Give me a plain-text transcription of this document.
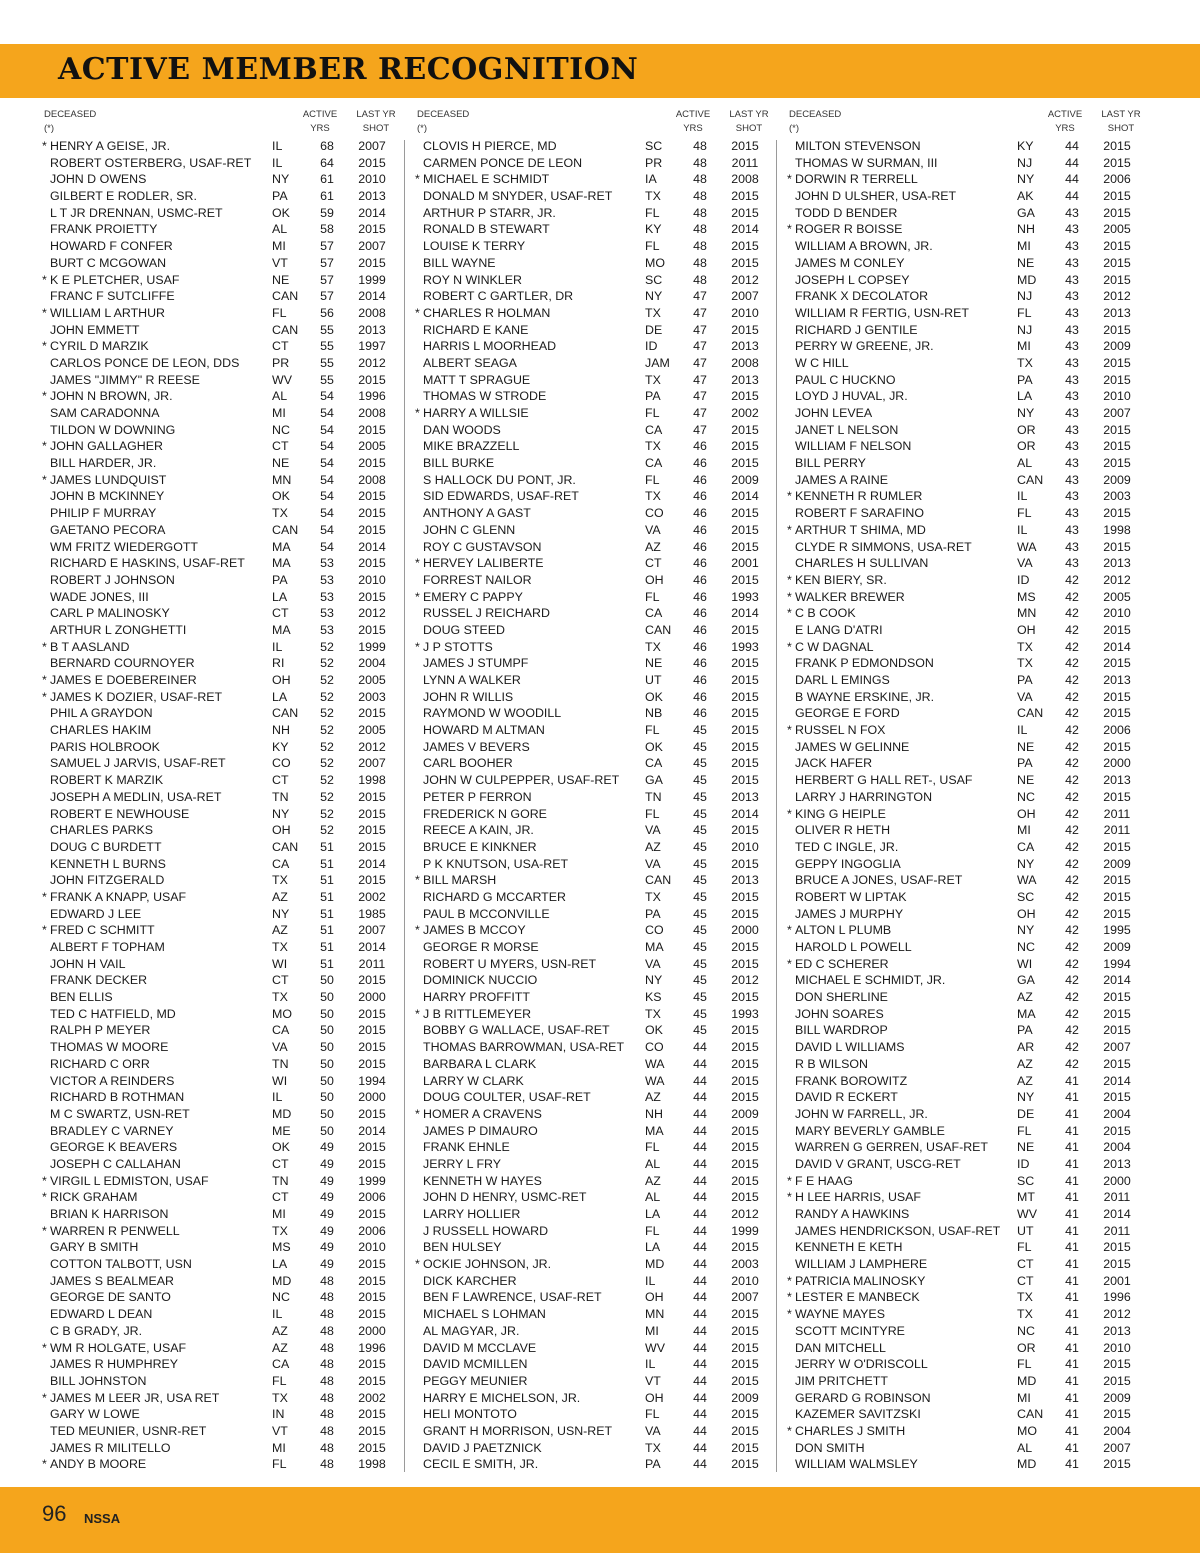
ACTIVE MEMBER RECOGNITION
DECEASED
(*)
ACTIVE
YRS
LAST YR
SHOT
* HENRY A GEISE, JR.	IL	68	2007
ROBERT OSTERBERG, USAF-RET IL	64	2015
JOHN D OWENS	NY	61	2010
GILBERT E RODLER, SR.	PA	61	2013
L T JR DRENNAN, USMC-RET	OK	59	2014
FRANK PROIETTY	AL	58	2015
HOWARD F CONFER	MI	57	2007
BURT C MCGOWAN	VT	57	2015
* K E PLETCHER, USAF	NE	57	1999
FRANC F SUTCLIFFE	CAN	57	2014
* WILLIAM L ARTHUR	FL	56	2008
JOHN EMMETT	CAN	55	2013
* CYRIL D MARZIK	CT	55	1997
CARLOS PONCE DE LEON, DDS	PR	55	2012
JAMES "JIMMY" R REESE	WV	55	2015
* JOHN N BROWN, JR.	AL	54	1996
SAM CARADONNA	MI	54	2008
TILDON W DOWNING	NC	54	2015
* JOHN GALLAGHER	CT	54	2005
BILL HARDER, JR.	NE	54	2015
* JAMES LUNDQUIST	MN	54	2008
JOHN B MCKINNEY	OK	54	2015
PHILIP F MURRAY	TX	54	2015
GAETANO PECORA	CAN	54	2015
WM FRITZ WIEDERGOTT	MA	54	2014
RICHARD E HASKINS, USAF-RET MA	53	2015
ROBERT J JOHNSON	PA	53	2010
WADE JONES, III	LA	53	2015
CARL P MALINOSKY	CT	53	2012
ARTHUR L ZONGHETTI	MA	53	2015
* B T AASLAND	IL	52	1999
BERNARD COURNOYER	RI	52	2004
* JAMES E DOEBEREINER	OH	52	2005
* JAMES K DOZIER, USAF-RET	LA	52	2003
PHIL A GRAYDON	CAN	52	2015
CHARLES HAKIM	NH	52	2005
PARIS HOLBROOK	KY	52	2012
SAMUEL J JARVIS, USAF-RET	CO	52	2007
ROBERT K MARZIK	CT	52	1998
JOSEPH A MEDLIN, USA-RET	TN	52	2015
ROBERT E NEWHOUSE	NY	52	2015
CHARLES PARKS	OH	52	2015
DOUG C BURDETT	CAN	51	2015
KENNETH L BURNS	CA	51	2014
JOHN FITZGERALD	TX	51	2015
* FRANK A KNAPP, USAF	AZ	51	2002
EDWARD J LEE	NY	51	1985
* FRED C SCHMITT	AZ	51	2007
ALBERT F TOPHAM	TX	51	2014
JOHN H VAIL	WI	51	2011
FRANK DECKER	CT	50	2015
BEN ELLIS	TX	50	2000
TED C HATFIELD, MD	MO	50	2015
RALPH P MEYER	CA	50	2015
THOMAS W MOORE	VA	50	2015
RICHARD C ORR	TN	50	2015
VICTOR A REINDERS	WI	50	1994
RICHARD B ROTHMAN	IL	50	2000
M C SWARTZ, USN-RET	MD	50	2015
BRADLEY C VARNEY	ME	50	2014
GEORGE K BEAVERS	OK	49	2015
JOSEPH C CALLAHAN	CT	49	2015
* VIRGIL L EDMISTON, USAF	TN	49	1999
* RICK GRAHAM	CT	49	2006
BRIAN K HARRISON	MI	49	2015
* WARREN R PENWELL	TX	49	2006
GARY B SMITH	MS	49	2010
COTTON TALBOTT, USN	LA	49	2015
JAMES S BEALMEAR	MD	48	2015
GEORGE DE SANTO	NC	48	2015
EDWARD L DEAN	IL	48	2015
C B GRADY, JR.	AZ	48	2000
* WM R HOLGATE, USAF	AZ	48	1996
JAMES R HUMPHREY	CA	48	2015
BILL JOHNSTON	FL	48	2015
* JAMES M LEER JR, USA RET	TX	48	2002
GARY W LOWE	IN	48	2015
TED MEUNIER, USNR-RET	VT	48	2015
JAMES R MILITELLO	MI	48	2015
* ANDY B MOORE	FL	48	1998
DECEASED
(*)
ACTIVE
YRS
LAST YR
SHOT
CLOVIS H PIERCE, MD	SC	48	2015
CARMEN PONCE DE LEON	PR	48	2011
* MICHAEL E SCHMIDT	IA	48	2008
DONALD M SNYDER, USAF-RET	TX	48	2015
ARTHUR P STARR, JR.	FL	48	2015
RONALD B STEWART	KY	48	2014
LOUISE K TERRY	FL	48	2015
BILL WAYNE	MO	48	2015
ROY N WINKLER	SC	48	2012
ROBERT C GARTLER, DR	NY	47	2007
* CHARLES R HOLMAN	TX	47	2010
RICHARD E KANE	DE	47	2015
HARRIS L MOORHEAD	ID	47	2013
ALBERT SEAGA	JAM	47	2008
MATT T SPRAGUE	TX	47	2013
THOMAS W STRODE	PA	47	2015
* HARRY A WILLSIE	FL	47	2002
DAN WOODS	CA	47	2015
MIKE BRAZZELL	TX	46	2015
BILL BURKE	CA	46	2015
S HALLOCK DU PONT, JR.	FL	46	2009
SID EDWARDS, USAF-RET	TX	46	2014
ANTHONY A GAST	CO	46	2015
JOHN C GLENN	VA	46	2015
ROY C GUSTAVSON	AZ	46	2015
* HERVEY LALIBERTE	CT	46	2001
FORREST NAILOR	OH	46	2015
* EMERY C PAPPY	FL	46	1993
RUSSEL J REICHARD	CA	46	2014
DOUG STEED	CAN	46	2015
* J P STOTTS	TX	46	1993
JAMES J STUMPF	NE	46	2015
LYNN A WALKER	UT	46	2015
JOHN R WILLIS	OK	46	2015
RAYMOND W WOODILL	NB	46	2015
HOWARD M ALTMAN	FL	45	2015
JAMES V BEVERS	OK	45	2015
CARL BOOHER	CA	45	2015
JOHN W CULPEPPER, USAF-RET GA	45	2015
PETER P FERRON	TN	45	2013
FREDERICK N GORE	FL	45	2014
REECE A KAIN, JR.	VA	45	2015
BRUCE E KINKNER	AZ	45	2010
P K KNUTSON, USA-RET	VA	45	2015
* BILL MARSH	CAN	45	2013
RICHARD G MCCARTER	TX	45	2015
PAUL B MCCONVILLE	PA	45	2015
* JAMES B MCCOY	CO	45	2000
GEORGE R MORSE	MA	45	2015
ROBERT U MYERS, USN-RET	VA	45	2015
DOMINICK NUCCIO	NY	45	2012
HARRY PROFFITT	KS	45	2015
* J B RITTLEMEYER	TX	45	1993
BOBBY G WALLACE, USAF-RET	OK	45	2015
THOMAS BARROWMAN, USA-RET CO	44	2015
BARBARA L CLARK	WA	44	2015
LARRY W CLARK	WA	44	2015
DOUG COULTER, USAF-RET	AZ	44	2015
* HOMER A CRAVENS	NH	44	2009
JAMES P DIMAURO	MA	44	2015
FRANK EHNLE	FL	44	2015
JERRY L FRY	AL	44	2015
KENNETH W HAYES	AZ	44	2015
JOHN D HENRY, USMC-RET	AL	44	2015
LARRY HOLLIER	LA	44	2012
J RUSSELL HOWARD	FL	44	1999
BEN HULSEY	LA	44	2015
* OCKIE JOHNSON, JR.	MD	44	2003
DICK KARCHER	IL	44	2010
BEN F LAWRENCE, USAF-RET	OH	44	2007
MICHAEL S LOHMAN	MN	44	2015
AL MAGYAR, JR.	MI	44	2015
DAVID M MCCLAVE	WV	44	2015
DAVID MCMILLEN	IL	44	2015
PEGGY MEUNIER	VT	44	2015
HARRY E MICHELSON, JR.	OH	44	2009
HELI MONTOTO	FL	44	2015
GRANT H MORRISON, USN-RET	VA	44	2015
DAVID J PAETZNICK	TX	44	2015
CECIL E SMITH, JR.	PA	44	2015
DECEASED
(*)
ACTIVE
YRS
LAST YR
SHOT
MILTON STEVENSON	KY	44	2015
THOMAS W SURMAN, III	NJ	44	2015
* DORWIN R TERRELL	NY	44	2006
JOHN D ULSHER, USA-RET	AK	44	2015
TODD D BENDER	GA	43	2015
* ROGER R BOISSE	NH	43	2005
WILLIAM A BROWN, JR.	MI	43	2015
JAMES M CONLEY	NE	43	2015
JOSEPH L COPSEY	MD	43	2015
FRANK X DECOLATOR	NJ	43	2012
WILLIAM R FERTIG, USN-RET	FL	43	2013
RICHARD J GENTILE	NJ	43	2015
PERRY W GREENE, JR.	MI	43	2009
W C HILL	TX	43	2015
PAUL C HUCKNO	PA	43	2015
LOYD J HUVAL, JR.	LA	43	2010
JOHN LEVEA	NY	43	2007
JANET L NELSON	OR	43	2015
WILLIAM F NELSON	OR	43	2015
BILL PERRY	AL	43	2015
JAMES A RAINE	CAN	43	2009
* KENNETH R RUMLER	IL	43	2003
ROBERT F SARAFINO	FL	43	2015
* ARTHUR T SHIMA, MD	IL	43	1998
CLYDE R SIMMONS, USA-RET	WA	43	2015
CHARLES H SULLIVAN	VA	43	2013
* KEN BIERY, SR.	ID	42	2012
* WALKER BREWER	MS	42	2005
* C B COOK	MN	42	2010
E LANG D'ATRI	OH	42	2015
* C W DAGNAL	TX	42	2014
FRANK P EDMONDSON	TX	42	2015
DARL L EMINGS	PA	42	2013
B WAYNE ERSKINE, JR.	VA	42	2015
GEORGE E FORD	CAN	42	2015
* RUSSEL N FOX	IL	42	2006
JAMES W GELINNE	NE	42	2015
JACK HAFER	PA	42	2000
HERBERT G HALL RET-, USAF	NE	42	2013
LARRY J HARRINGTON	NC	42	2015
* KING G HEIPLE	OH	42	2011
OLIVER R HETH	MI	42	2011
TED C INGLE, JR.	CA	42	2015
GEPPY INGOGLIA	NY	42	2009
BRUCE A JONES, USAF-RET	WA	42	2015
ROBERT W LIPTAK	SC	42	2015
JAMES J MURPHY	OH	42	2015
* ALTON L PLUMB	NY	42	1995
HAROLD L POWELL	NC	42	2009
* ED C SCHERER	WI	42	1994
MICHAEL E SCHMIDT, JR.	GA	42	2014
DON SHERLINE	AZ	42	2015
JOHN SOARES	MA	42	2015
BILL WARDROP	PA	42	2015
DAVID L WILLIAMS	AR	42	2007
R B WILSON	AZ	42	2015
FRANK BOROWITZ	AZ	41	2014
DAVID R ECKERT	NY	41	2015
JOHN W FARRELL, JR.	DE	41	2004
MARY BEVERLY GAMBLE	FL	41	2015
WARREN G GERREN, USAF-RET NE	41	2004
DAVID V GRANT, USCG-RET	ID	41	2013
* F E HAAG	SC	41	2000
* H LEE HARRIS, USAF	MT	41	2011
RANDY A HAWKINS	WV	41	2014
JAMES HENDRICKSON, USAF-RET UT	41	2011
KENNETH E KETH	FL	41	2015
WILLIAM J LAMPHERE	CT	41	2015
* PATRICIA MALINOSKY	CT	41	2001
* LESTER E MANBECK	TX	41	1996
* WAYNE MAYES	TX	41	2012
SCOTT MCINTYRE	NC	41	2013
DAN MITCHELL	OR	41	2010
JERRY W O'DRISCOLL	FL	41	2015
JIM PRITCHETT	MD	41	2015
GERARD G ROBINSON	MI	41	2009
KAZEMER SAVITZSKI	CAN	41	2015
* CHARLES J SMITH	MO	41	2004
DON SMITH	AL	41	2007
WILLIAM WALMSLEY	MD	41	2015
96 NSSA
